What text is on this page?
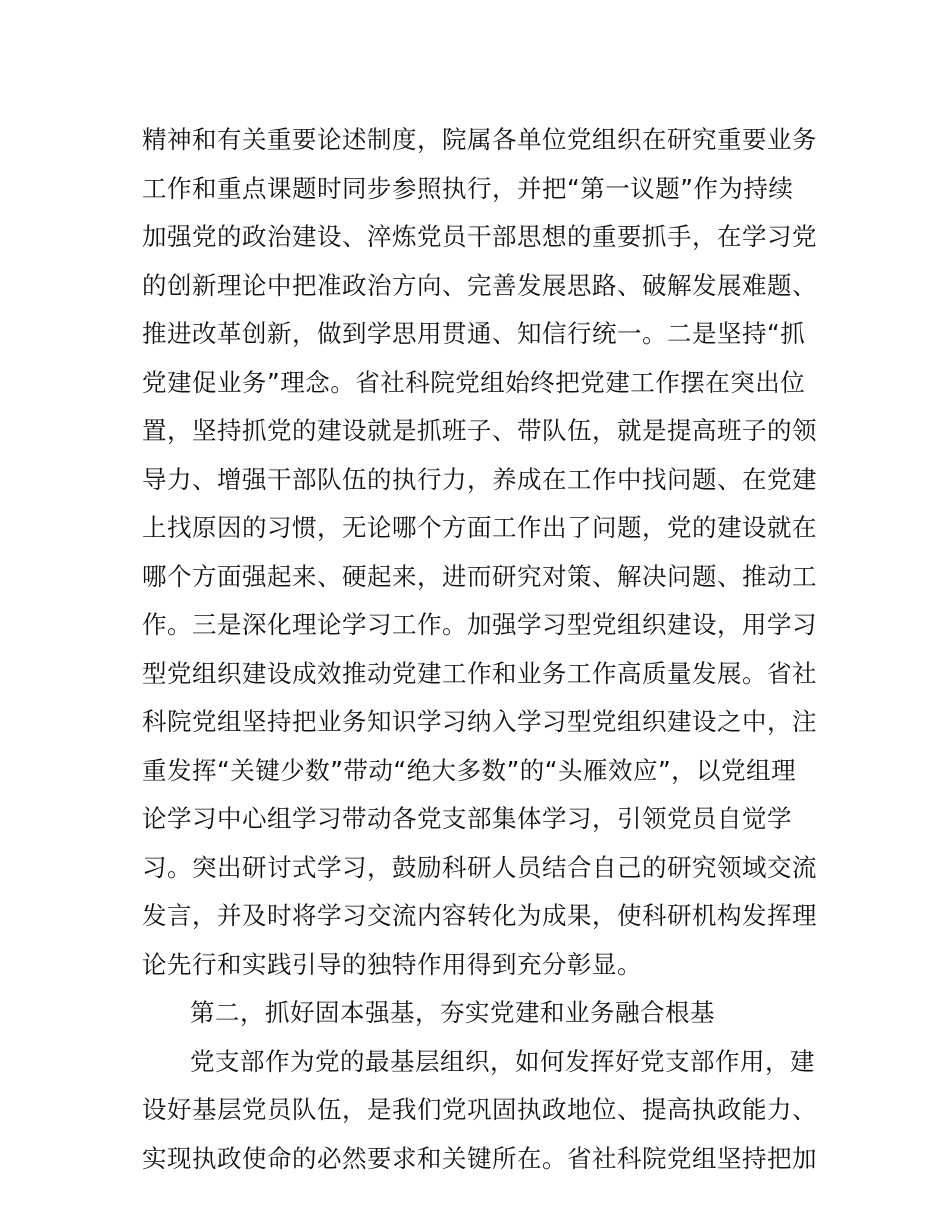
精神和有关重要论述制度，院属各单位党组织在研究重要业务
工作和重点课题时同步参照执行，并把“第一议题”作为持续
加强党的政治建设、淬炼党员干部思想的重要抓手，在学习党
的创新理论中把准政治方向、完善发展思路、破解发展难题、
推进改革创新，做到学思用贯通、知信行统一。二是坚持“抓
党建促业务”理念。省社科院党组始终把党建工作摆在突出位
置，坚持抓党的建设就是抓班子、带队伍，就是提高班子的领
导力、增强干部队伍的执行力，养成在工作中找问题、在党建
上找原因的习惯，无论哪个方面工作出了问题，党的建设就在
哪个方面强起来、硬起来，进而研究对策、解决问题、推动工
作。三是深化理论学习工作。加强学习型党组织建设，用学习
型党组织建设成效推动党建工作和业务工作高质量发展。省社
科院党组坚持把业务知识学习纳入学习型党组织建设之中，注
重发挥“关键少数”带动“绝大多数”的“头雁效应”，以党组理
论学习中心组学习带动各党支部集体学习，引领党员自觉学
习。突出研讨式学习，鼓励科研人员结合自己的研究领域交流
发言，并及时将学习交流内容转化为成果，使科研机构发挥理
论先行和实践引导的独特作用得到充分彰显。
第二，抓好固本强基，夯实党建和业务融合根基
党支部作为党的最基层组织，如何发挥好党支部作用，建
设好基层党员队伍，是我们党巩固执政地位、提高执政能力、
实现执政使命的必然要求和关键所在。省社科院党组坚持把加
